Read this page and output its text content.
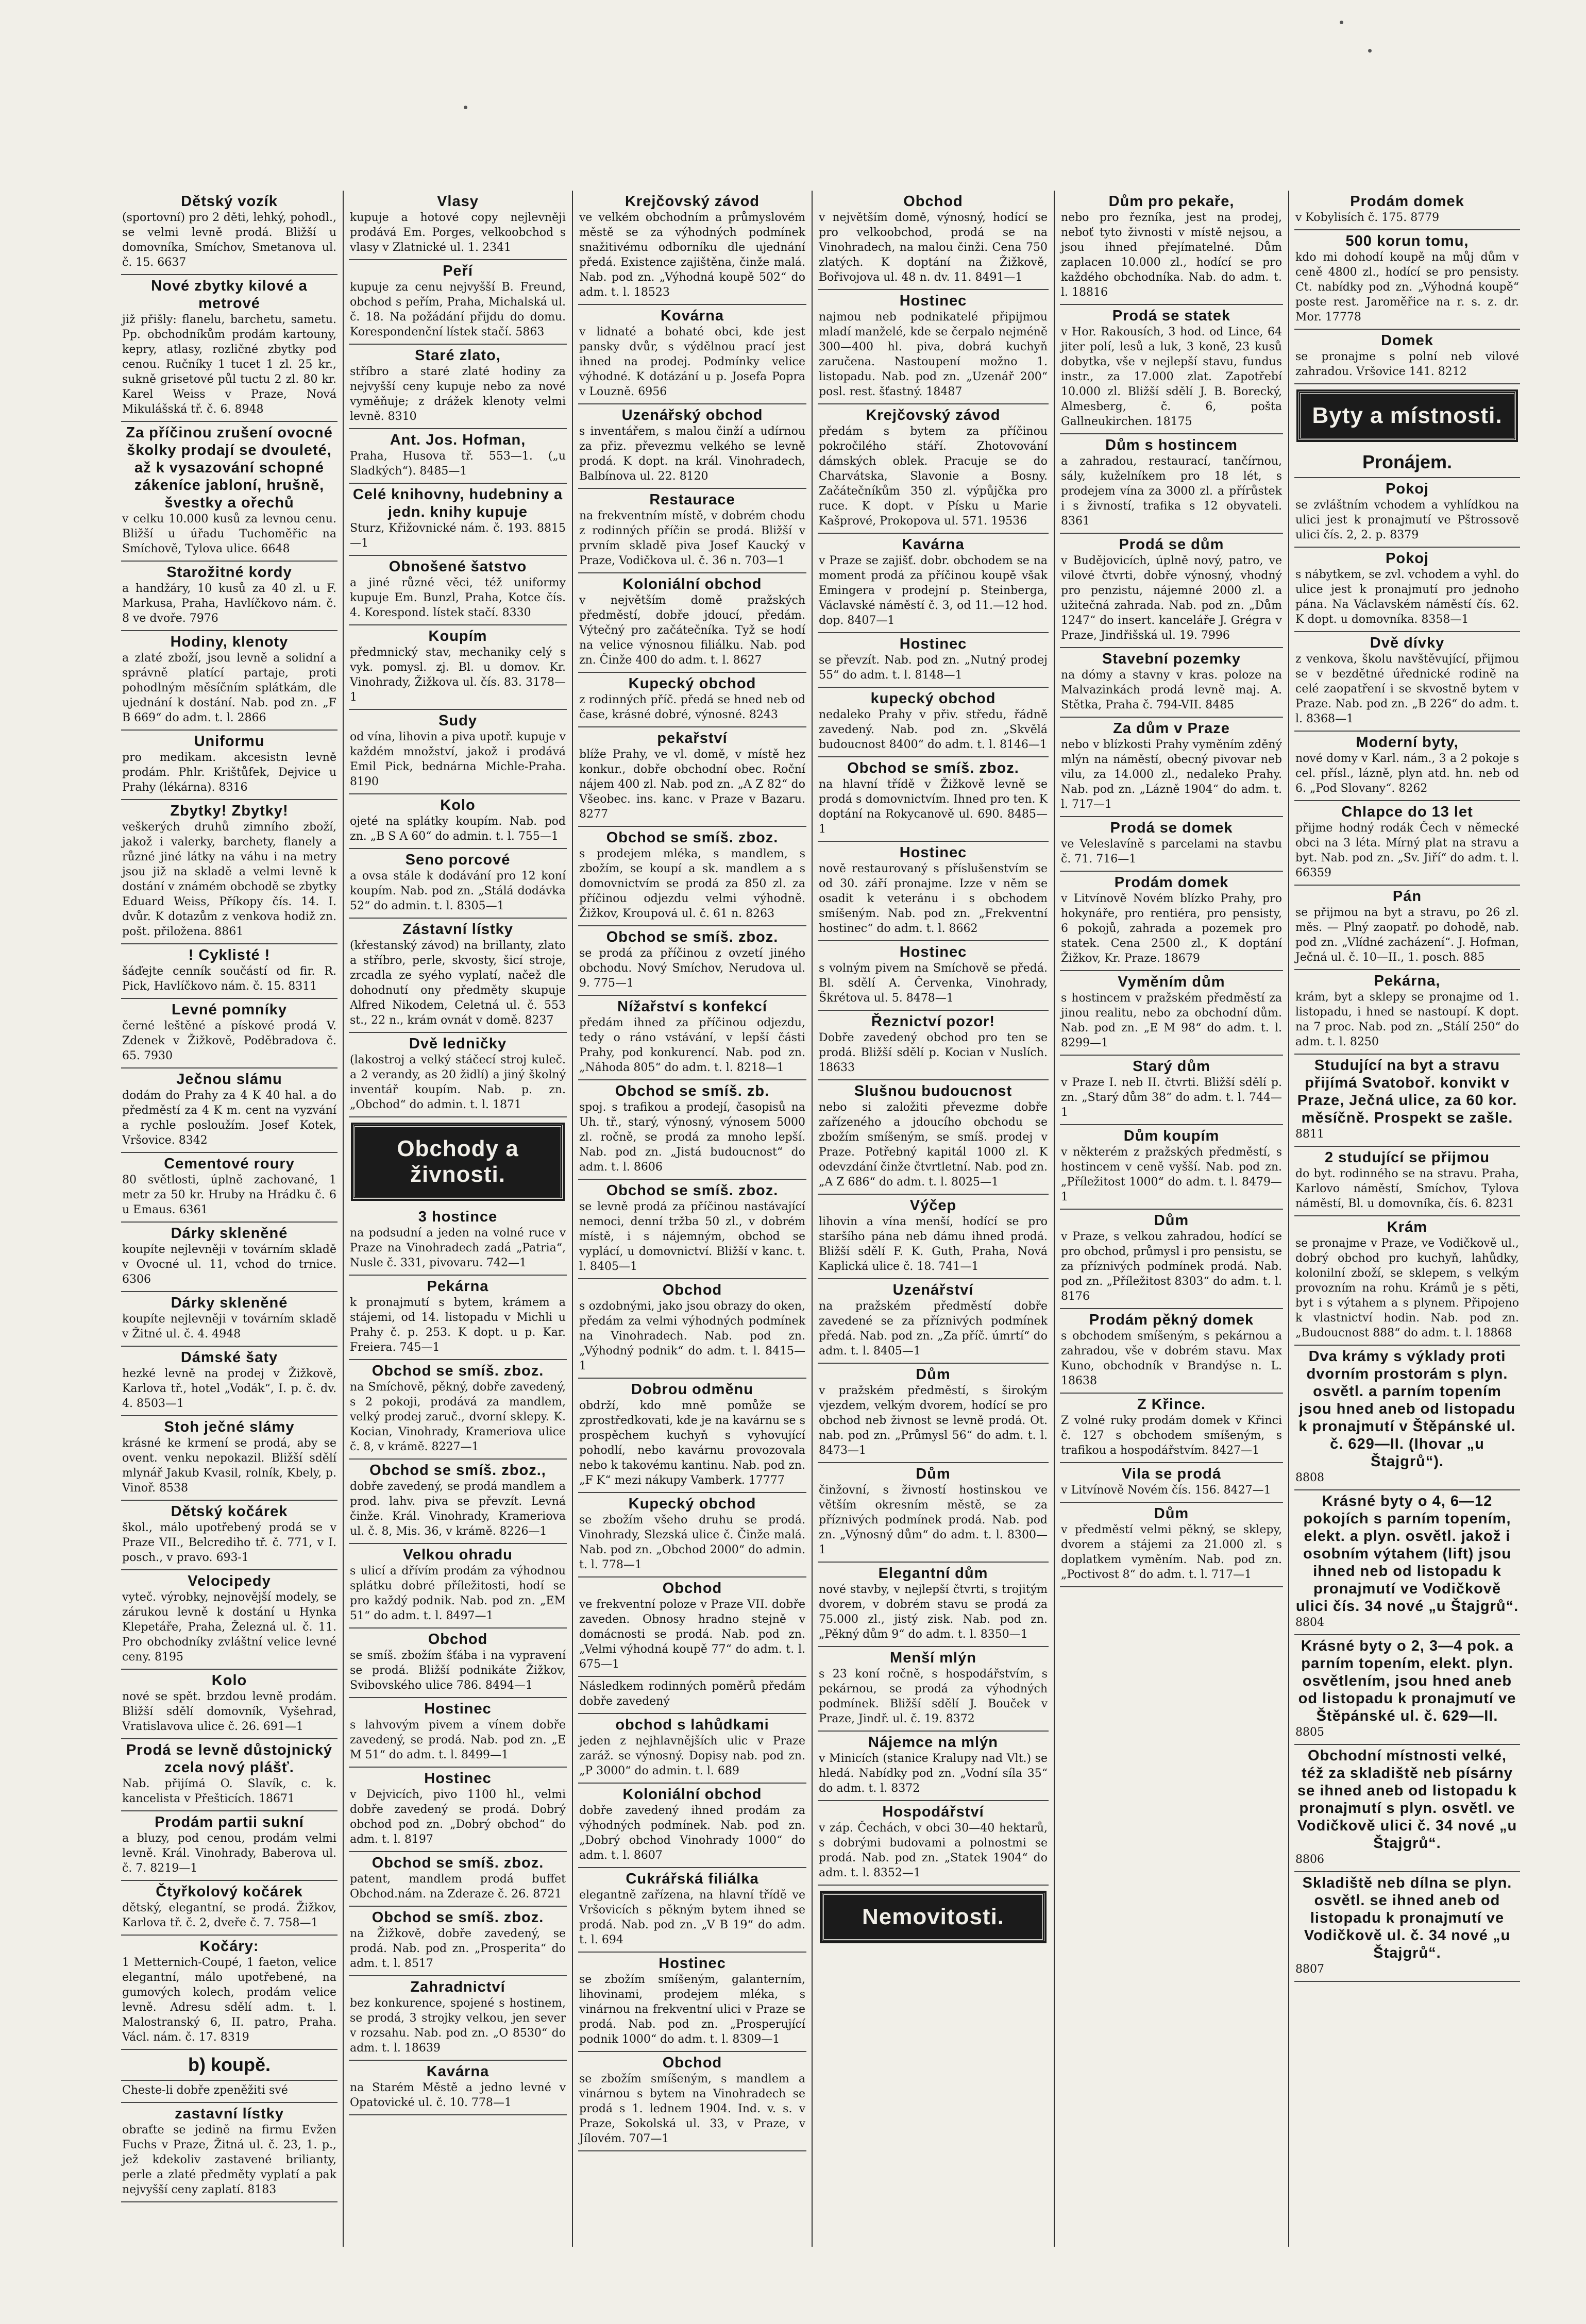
Dětský vozík
(sportovní) pro 2 děti, lehký, pohodl., se velmi levně prodá. Bližší u domovníka, Smíchov, Smetanova ul. č. 15. 6637
Nové zbytky kilové a metrové
již přišly: flanelu, barchetu, sametu. Pp. obchodníkům prodám kartouny, kepry, atlasy, rozličné zbytky pod cenou. Ručníky 1 tucet 1 zl. 25 kr., sukně grisetové půl tuctu 2 zl. 80 kr. Karel Weiss v Praze, Nová Mikulášská tř. č. 6. 8948
Za příčinou zrušení ovocné školky prodají se dvouleté, až k vysazování schopné zákeníce jabloní, hrušně, švestky a ořechů
v celku 10.000 kusů za levnou cenu. Bližší u úřadu Tuchoměřic na Smíchově, Tylova ulice. 6648
Starožitné kordy
a handžáry, 10 kusů za 40 zl. u F. Markusa, Praha, Havlíčkovo nám. č. 8 ve dvoře. 7976
Hodiny, klenoty
a zlaté zboží, jsou levně a solidní a správně platící partaje, proti pohodlným měsíčním splátkám, dle ujednání k dostání. Nab. pod zn. „F B 669“ do adm. t. l. 2866
Uniformu
pro medikam. akcesistn levně prodám. Phlr. Krištůfek, Dejvice u Prahy (lékárna). 8316
Zbytky! Zbytky!
veškerých druhů zimního zboží, jakož i valerky, barchety, flanely a různé jiné látky na váhu i na metry jsou již na skladě a velmi levně k dostání v známém obchodě se zbytky Eduard Weiss, Příkopy čís. 14. I. dvůr. K dotazům z venkova hodiž zn. pošt. přiložena. 8861
! Cyklisté !
šáďejte cenník součástí od fir. R. Pick, Havlíčkovo nám. č. 15. 8311
Levné pomníky
černé leštěné a pískové prodá V. Zdenek v Žižkově, Poděbradova č. 65. 7930
Ječnou slámu
dodám do Prahy za 4 K 40 hal. a do předměstí za 4 K m. cent na vyzvání a rychle posloužím. Josef Kotek, Vršovice. 8342
Cementové roury
80 světlosti, úplně zachované, 1 metr za 50 kr. Hruby na Hrádku č. 6 u Emaus. 6361
Dárky skleněné
koupíte nejlevněji v továrním skladě v Ovocné ul. 11, vchod do trnice. 6306
Dárky skleněné
koupíte nejlevněji v továrním skladě v Žitné ul. č. 4. 4948
Dámské šaty
hezké levně na prodej v Žižkově, Karlova tř., hotel „Vodák“, I. p. č. dv. 4. 8503—1
Stoh ječné slámy
krásné ke krmení se prodá, aby se ovent. venku nepokazil. Bližší sdělí mlynář Jakub Kvasil, rolník, Kbely, p. Vinoř. 8538
Dětský kočárek
škol., málo upotřebený prodá se v Praze VII., Belcrediho tř. č. 771, v I. posch., v pravo. 693-1
Velocipedy
vyteč. výrobky, nejnovější modely, se zárukou levně k dostání u Hynka Klepetáře, Praha, Železná ul. č. 11. Pro obchodníky zvláštní velice levné ceny. 8195
Kolo
nové se spět. brzdou levně prodám. Bližší sdělí domovník, Vyšehrad, Vratislavova ulice č. 26. 691—1
Prodá se levně důstojnický zcela nový plášť.
Nab. přijímá O. Slavík, c. k. kancelista v Přešticích. 18671
Prodám partii sukní
a bluzy, pod cenou, prodám velmi levně. Král. Vinohrady, Baberova ul. č. 7. 8219—1
Čtyřkolový kočárek
dětský, elegantní, se prodá. Žižkov, Karlova tř. č. 2, dveře č. 7. 758—1
Kočáry:
1 Metternich-Coupé, 1 faeton, velice elegantní, málo upotřebené, na gumových kolech, prodám velice levně. Adresu sdělí adm. t. l. Malostranský 6, II. patro, Praha. Václ. nám. č. 17. 8319
b) koupě.
Cheste-li dobře zpeněžiti své
zastavní lístky
obraťte se jedině na firmu Evžen Fuchs v Praze, Žitná ul. č. 23, 1. p., jež kdekoliv zastavené brilianty, perle a zlaté předměty vyplatí a pak nejvyšší ceny zaplatí. 8183
Vlasy
kupuje a hotové copy nejlevněji prodává Em. Porges, velkoobchod s vlasy v Zlatnické ul. 1. 2341
Peří
kupuje za cenu nejvyšší B. Freund, obchod s peřím, Praha, Michalská ul. č. 18. Na požádání přijdu do domu. Korespondenční lístek stačí. 5863
Staré zlato,
stříbro a staré zlaté hodiny za nejvyšší ceny kupuje nebo za nové vyměňuje; z drážek klenoty velmi levně. 8310
Ant. Jos. Hofman,
Praha, Husova tř. 553—1. („u Sladkých“). 8485—1
Celé knihovny, hudebniny a jedn. knihy kupuje
Sturz, Křižovnické nám. č. 193. 8815—1
Obnošené šatstvo
a jiné různé věci, též uniformy kupuje Em. Bunzl, Praha, Kotce čís. 4. Korespond. lístek stačí. 8330
Koupím
předmnický stav, mechaniky celý s vyk. pomysl. zj. Bl. u domov. Kr. Vinohrady, Žižkova ul. čís. 83. 3178—1
Sudy
od vína, lihovin a piva upotř. kupuje v každém množství, jakož i prodává Emil Pick, bednárna Michle-Praha. 8190
Kolo
ojeté na splátky koupím. Nab. pod zn. „B S A 60“ do admin. t. l. 755—1
Seno porcové
a ovsa stále k dodávání pro 12 koní koupím. Nab. pod zn. „Stálá dodávka 52“ do admin. t. l. 8305—1
Zástavní lístky
(křestanský závod) na brillanty, zlato a stříbro, perle, skvosty, šicí stroje, zrcadla ze syého vyplatí, načež dle dohodnutí ony předměty skupuje Alfred Nikodem, Celetná ul. č. 553 st., 22 n., krám ovnát v domě. 8237
Dvě ledničky
(lakostroj a velký stáčecí stroj kuleč. a 2 verandy, as 20 židlí) a jiný školný inventář koupím. Nab. p. zn. „Obchod“ do admin. t. l. 1871
Obchody a živnosti.
3 hostince
na podsudní a jeden na volné ruce v Praze na Vinohradech zadá „Patria“, Nusle č. 331, pivovaru. 742—1
Pekárna
k pronajmutí s bytem, krámem a stájemi, od 14. listopadu v Michli u Prahy č. p. 253. K dopt. u p. Kar. Freiera. 745—1
Obchod se smíš. zboz.
na Smíchově, pěkný, dobře zavedený, s 2 pokoji, prodává za mandlem, velký prodej zaruč., dvorní sklepy. K. Kocian, Vinohrady, Krameriova ulice č. 8, v krámě. 8227—1
Obchod se smíš. zboz.,
dobře zavedený, se prodá mandlem a prod. lahv. piva se převzít. Levná činže. Král. Vinohrady, Krameriova ul. č. 8, Mis. 36, v krámě. 8226—1
Velkou ohradu
s ulicí a dřívím prodám za výhodnou splátku dobré příležitosti, hodí se pro každý podnik. Nab. pod zn. „EM 51“ do adm. t. l. 8497—1
Obchod
se smíš. zbožím šťába i na vypravení se prodá. Bližší podnikáte Žižkov, Svibovského ulice 786. 8494—1
Hostinec
s lahvovým pivem a vínem dobře zavedený, se prodá. Nab. pod zn. „E M 51“ do adm. t. l. 8499—1
Hostinec
v Dejvicích, pivo 1100 hl., velmi dobře zavedený se prodá. Dobrý obchod pod zn. „Dobrý obchod“ do adm. t. l. 8197
Obchod se smíš. zboz.
patent, mandlem prodá buffet Obchod.nám. na Zderaze č. 26. 8721
Obchod se smíš. zboz.
na Žižkově, dobře zavedený, se prodá. Nab. pod zn. „Prosperita“ do adm. t. l. 8517
Zahradnictví
bez konkurence, spojené s hostinem, se prodá, 3 strojky velkou, jen sever v rozsahu. Nab. pod zn. „O 8530“ do adm. t. l. 18639
Kavárna
na Starém Městě a jedno levné v Opatovické ul. č. 10. 778—1
Krejčovský závod
ve velkém obchodním a průmyslovém městě se za výhodných podmínek snažitivému odborníku dle ujednání předá. Existence zajištěna, činže malá. Nab. pod zn. „Výhodná koupě 502“ do adm. t. l. 18523
Kovárna
v lidnaté a bohaté obci, kde jest pansky dvůr, s výdělnou prací jest ihned na prodej. Podmínky velice výhodné. K dotázání u p. Josefa Popra v Louzně. 6956
Uzenářský obchod
s inventářem, s malou činží a udírnou za přiz. převezmu velkého se levně prodá. K dopt. na král. Vinohradech, Balbínova ul. 22. 8120
Restaurace
na frekventním místě, v dobrém chodu z rodinných příčin se prodá. Bližší v prvním skladě piva Josef Kaucký v Praze, Vodičkova ul. č. 36 n. 703—1
Koloniální obchod
v největším domě pražských předměstí, dobře jdoucí, předám. Výtečný pro začátečníka. Tyž se hodí na velice výnosnou filiálku. Nab. pod zn. Činže 400 do adm. t. l. 8627
Kupecký obchod
z rodinných příč. předá se hned neb od čase, krásné dobré, výnosné. 8243
pekařství
blíže Prahy, ve vl. domě, v místě hez konkur., dobře obchodní obec. Roční nájem 400 zl. Nab. pod zn. „A Z 82“ do Všeobec. ins. kanc. v Praze v Bazaru. 8277
Obchod se smíš. zboz.
s prodejem mléka, s mandlem, s zbožím, se koupí a sk. mandlem a s domovnictvím se prodá za 850 zl. za příčinou odjezdu velmi výhodně. Žižkov, Kroupová ul. č. 61 n. 8263
Obchod se smíš. zboz.
se prodá za příčinou z ovzetí jiného obchodu. Nový Smíchov, Nerudova ul. 9. 775—1
Nížařství s konfekcí
předám ihned za příčinou odjezdu, tedy o ráno vstávání, v lepší části Prahy, pod konkurencí. Nab. pod zn. „Náhoda 805“ do adm. t. l. 8218—1
Obchod se smíš. zb.
spoj. s trafikou a prodejí, časopisů na Uh. tř., starý, výnosný, výnosem 5000 zl. ročně, se prodá za mnoho lepší. Nab. pod zn. „Jistá budoucnost“ do adm. t. l. 8606
Obchod se smíš. zboz.
se levně prodá za příčinou nastávající nemoci, denní tržba 50 zl., v dobrém místě, i s nájemným, obchod se vyplácí, u domovnictví. Bližší v kanc. t. l. 8405—1
Obchod
s ozdobnými, jako jsou obrazy do oken, předám za velmi výhodných podmínek na Vinohradech. Nab. pod zn. „Výhodný podnik“ do adm. t. l. 8415—1
Dobrou odměnu
obdrží, kdo mně pomůže se zprostředkovati, kde je na kavárnu se s prospěchem kuchyň s vyhovující pohodlí, nebo kavárnu provozovala nebo k takovému kantinu. Nab. pod zn. „F K“ mezi nákupy Vamberk. 17777
Kupecký obchod
se zbožím všeho druhu se prodá. Vinohrady, Slezská ulice č. Činže malá. Nab. pod zn. „Obchod 2000“ do admin. t. l. 778—1
Obchod
ve frekventní poloze v Praze VII. dobře zaveden. Obnosy hradno stejně v domácnosti se prodá. Nab. pod zn. „Velmi výhodná koupě 77“ do adm. t. l. 675—1
Následkem rodinných poměrů předám dobře zavedený
obchod s lahůdkami
jeden z nejhlavnějších ulic v Praze zaráž. se výnosný. Dopisy nab. pod zn. „P 3000“ do admin. t. l. 689
Koloniální obchod
dobře zavedený ihned prodám za výhodných podmínek. Nab. pod zn. „Dobrý obchod Vinohrady 1000“ do adm. t. l. 8607
Cukrářská filiálka
elegantně zařízena, na hlavní třídě ve Vršovicích s pěkným bytem ihned se prodá. Nab. pod zn. „V B 19“ do adm. t. l. 694
Hostinec
se zbožím smíšeným, galanterním, lihovinami, prodejem mléka, s vinárnou na frekventní ulici v Praze se prodá. Nab. pod zn. „Prosperující podnik 1000“ do adm. t. l. 8309—1
Obchod
se zbožím smíšeným, s mandlem a vinárnou s bytem na Vinohradech se prodá s 1. lednem 1904. Ind. v. s. v Praze, Sokolská ul. 33, v Praze, v Jílovém. 707—1
Obchod
v největším domě, výnosný, hodící se pro velkoobchod, prodá se na Vinohradech, na malou činži. Cena 750 zlatých. K doptání na Žižkově, Bořivojova ul. 48 n. dv. 11. 8491—1
Hostinec
najmou neb podnikatelé připijmou mladí manželé, kde se čerpalo nejméně 300—400 hl. piva, dobrá kuchyň zaručena. Nastoupení možno 1. listopadu. Nab. pod zn. „Uzenář 200“ posl. rest. šťastný. 18487
Krejčovský závod
předám s bytem za příčinou pokročilého stáří. Zhotovování dámských oblek. Pracuje se do Charvátska, Slavonie a Bosny. Začátečníkům 350 zl. výpůjčka pro ruce. K dopt. v Písku u Marie Kašprové, Prokopova ul. 571. 19536
Kavárna
v Praze se zajišť. dobr. obchodem se na moment prodá za příčinou koupě však Emingera v prodejní p. Steinberga, Václavské náměstí č. 3, od 11.—12 hod. dop. 8407—1
Hostinec
se převzít. Nab. pod zn. „Nutný prodej 55“ do adm. t. l. 8148—1
kupecký obchod
nedaleko Prahy v přiv. středu, řádně zavedený. Nab. pod zn. „Skvělá budoucnost 8400“ do adm. t. l. 8146—1
Obchod se smíš. zboz.
na hlavní třídě v Žižkově levně se prodá s domovnictvím. Ihned pro ten. K doptání na Rokycanově ul. 690. 8485—1
Hostinec
nově restaurovaný s příslušenstvím se od 30. září pronajme. Izze v něm se osadit k veteránu i s obchodem smíšeným. Nab. pod zn. „Frekventní hostinec“ do adm. t. l. 8662
Hostinec
s volným pivem na Smíchově se předá. Bl. sdělí A. Červenka, Vinohrady, Škrétova ul. 5. 8478—1
Řeznictví pozor!
Dobře zavedený obchod pro ten se prodá. Bližší sdělí p. Kocian v Nuslích. 18633
Slušnou budoucnost
nebo si založiti převezme dobře zařízeného a jdoucího obchodu se zbožím smíšeným, se smíš. prodej v Praze. Potřebný kapitál 1000 zl. K odevzdání činže čtvrtletní. Nab. pod zn. „A Z 686“ do adm. t. l. 8025—1
Výčep
lihovin a vína menší, hodící se pro staršího pána neb dámu ihned prodá. Bližší sdělí F. K. Guth, Praha, Nová Kaplická ulice č. 18. 741—1
Uzenářství
na pražském předměstí dobře zavedené se za příznivých podmínek předá. Nab. pod zn. „Za příč. úmrtí“ do adm. t. l. 8405—1
Dům
v pražském předměstí, s širokým vjezdem, velkým dvorem, hodící se pro obchod neb živnost se levně prodá. Ot. nab. pod zn. „Průmysl 56“ do adm. t. l. 8473—1
Dům
činžovní, s živností hostinskou ve větším okresním městě, se za příznivých podmínek prodá. Nab. pod zn. „Výnosný dům“ do adm. t. l. 8300—1
Elegantní dům
nové stavby, v nejlepší čtvrti, s trojitým dvorem, v dobrém stavu se prodá za 75.000 zl., jistý zisk. Nab. pod zn. „Pěkný dům 9“ do adm. t. l. 8350—1
Menší mlýn
s 23 koní ročně, s hospodářstvím, s pekárnou, se prodá za výhodných podmínek. Bližší sdělí J. Bouček v Praze, Jindř. ul. č. 19. 8372
Nájemce na mlýn
v Minicích (stanice Kralupy nad Vlt.) se hledá. Nabídky pod zn. „Vodní síla 35“ do adm. t. l. 8372
Hospodářství
v záp. Čechách, v obci 30—40 hektarů, s dobrými budovami a polnostmi se prodá. Nab. pod zn. „Statek 1904“ do adm. t. l. 8352—1
Nemovitosti.
Dům pro pekaře,
nebo pro řezníka, jest na prodej, neboť tyto živnosti v místě nejsou, a jsou ihned přejímatelné. Dům zaplacen 10.000 zl., hodící se pro každého obchodníka. Nab. do adm. t. l. 18816
Prodá se statek
v Hor. Rakousích, 3 hod. od Lince, 64 jiter polí, lesů a luk, 3 koně, 23 kusů dobytka, vše v nejlepší stavu, fundus instr., za 17.000 zlat. Zapotřebí 10.000 zl. Bližší sdělí J. B. Borecký, Almesberg, č. 6, pošta Gallneukirchen. 18175
Dům s hostincem
a zahradou, restaurací, tančírnou, sály, kuželníkem pro 18 lét, s prodejem vína za 3000 zl. a přírůstek i s živností, trafika s 12 obyvateli. 8361
Prodá se dům
v Budějovicích, úplně nový, patro, ve vilové čtvrti, dobře výnosný, vhodný pro penzistu, nájemné 2000 zl. a užitečná zahrada. Nab. pod zn. „Dům 1247“ do insert. kanceláře J. Grégra v Praze, Jindřišská ul. 19. 7996
Stavební pozemky
na dómy a stavny v kras. poloze na Malvazinkách prodá levně maj. A. Stětka, Praha č. 794-VII. 8485
Za dům v Praze
nebo v blízkosti Prahy vyměním zděný mlýn na náměstí, obecný pivovar neb vilu, za 14.000 zl., nedaleko Prahy. Nab. pod zn. „Lázně 1904“ do adm. t. l. 717—1
Prodá se domek
ve Veleslavíně s parcelami na stavbu č. 71. 716—1
Prodám domek
v Litvínově Novém blízko Prahy, pro hokynáře, pro rentiéra, pro pensisty, 6 pokojů, zahrada a pozemek pro statek. Cena 2500 zl., K doptání Žižkov, Kr. Praze. 18679
Vyměním dům
s hostincem v pražském předměstí za jinou realitu, nebo za obchodní dům. Nab. pod zn. „E M 98“ do adm. t. l. 8299—1
Starý dům
v Praze I. neb II. čtvrti. Bližší sdělí p. zn. „Starý dům 38“ do adm. t. l. 744—1
Dům koupím
v některém z pražských předměstí, s hostincem v ceně vyšší. Nab. pod zn. „Příležitost 1000“ do adm. t. l. 8479—1
Dům
v Praze, s velkou zahradou, hodící se pro obchod, průmysl i pro pensistu, se za příznivých podmínek prodá. Nab. pod zn. „Příležitost 8303“ do adm. t. l. 8176
Prodám pěkný domek
s obchodem smíšeným, s pekárnou a zahradou, vše v dobrém stavu. Max Kuno, obchodník v Brandýse n. L. 18638
Z Křince.
Z volné ruky prodám domek v Křinci č. 127 s obchodem smíšeným, s trafikou a hospodářstvím. 8427—1
Vila se prodá
v Litvínově Novém čís. 156. 8427—1
Dům
v předměstí velmi pěkný, se sklepy, dvorem a stájemi za 21.000 zl. s doplatkem vyměním. Nab. pod zn. „Poctivost 8“ do adm. t. l. 717—1
Prodám domek
v Kobylisích č. 175. 8779
500 korun tomu,
kdo mi dohodí koupě na můj dům v ceně 4800 zl., hodící se pro pensisty. Ct. nabídky pod zn. „Výhodná koupě“ poste rest. Jaroměřice na r. s. z. dr. Mor. 17778
Domek
se pronajme s polní neb vilové zahradou. Vršovice 141. 8212
Byty a místnosti.
Pronájem.
Pokoj
se zvláštním vchodem a vyhlídkou na ulici jest k pronajmutí ve Pštrossově ulici čís. 2, 2. p. 8379
Pokoj
s nábytkem, se zvl. vchodem a vyhl. do ulice jest k pronajmutí pro jednoho pána. Na Václavském náměstí čís. 62. K dopt. u domovníka. 8358—1
Dvě dívky
z venkova, školu navštěvující, přijmou se v bezdětné úřednické rodině na celé zaopatření i se skvostně bytem v Praze. Nab. pod zn. „B 226“ do adm. t. l. 8368—1
Moderní byty,
nové domy v Karl. nám., 3 a 2 pokoje s cel. přísl., lázně, plyn atd. hn. neb od 6. „Pod Slovany“. 8262
Chlapce do 13 let
přijme hodný rodák Čech v německé obci na 3 léta. Mírný plat na stravu a byt. Nab. pod zn. „Sv. Jiří“ do adm. t. l. 66359
Pán
se přijmou na byt a stravu, po 26 zl. měs. — Plný zaopatř. po dohodě, nab. pod zn. „Vlídné zacházení“. J. Hofman, Ječná ul. č. 10—II., 1. posch. 885
Pekárna,
krám, byt a sklepy se pronajme od 1. listopadu, i hned se nastoupí. K dopt. na 7 proc. Nab. pod zn. „Stálí 250“ do adm. t. l. 8250
Studující na byt a stravu přijímá Svatoboř. konvikt v Praze, Ječná ulice, za 60 kor. měsíčně. Prospekt se zašle.
8811
2 studující se přijmou
do byt. rodinného se na stravu. Praha, Karlovo náměstí, Smíchov, Tylova náměstí, Bl. u domovníka, čís. 6. 8231
Krám
se pronajme v Praze, ve Vodičkově ul., dobrý obchod pro kuchyň, lahůdky, kolonilní zboží, se sklepem, s velkým provozním na rohu. Krámů je s pěti, byt i s výtahem a s plynem. Připojeno k vlastnictví hodin. Nab. pod zn. „Budoucnost 888“ do adm. t. l. 18868
Dva krámy s výklady proti dvorním prostorám s plyn. osvětl. a parním topením jsou hned aneb od listopadu k pronajmutí v Štěpánské ul. č. 629—II. (Ihovar „u Štajgrů“).
8808
Krásné byty o 4, 6—12 pokojích s parním topením, elekt. a plyn. osvětl. jakož i osobním výtahem (lift) jsou ihned neb od listopadu k pronajmutí ve Vodičkově ulici čís. 34 nové „u Štajgrů“.
8804
Krásné byty o 2, 3—4 pok. a parním topením, elekt. plyn. osvětlením, jsou hned aneb od listopadu k pronajmutí ve Štěpánské ul. č. 629—II.
8805
Obchodní místnosti velké, též za skladiště neb písárny se ihned aneb od listopadu k pronajmutí s plyn. osvětl. ve Vodičkově ulici č. 34 nové „u Štajgrů“.
8806
Skladiště neb dílna se plyn. osvětl. se ihned aneb od listopadu k pronajmutí ve Vodičkově ul. č. 34 nové „u Štajgrů“.
8807
